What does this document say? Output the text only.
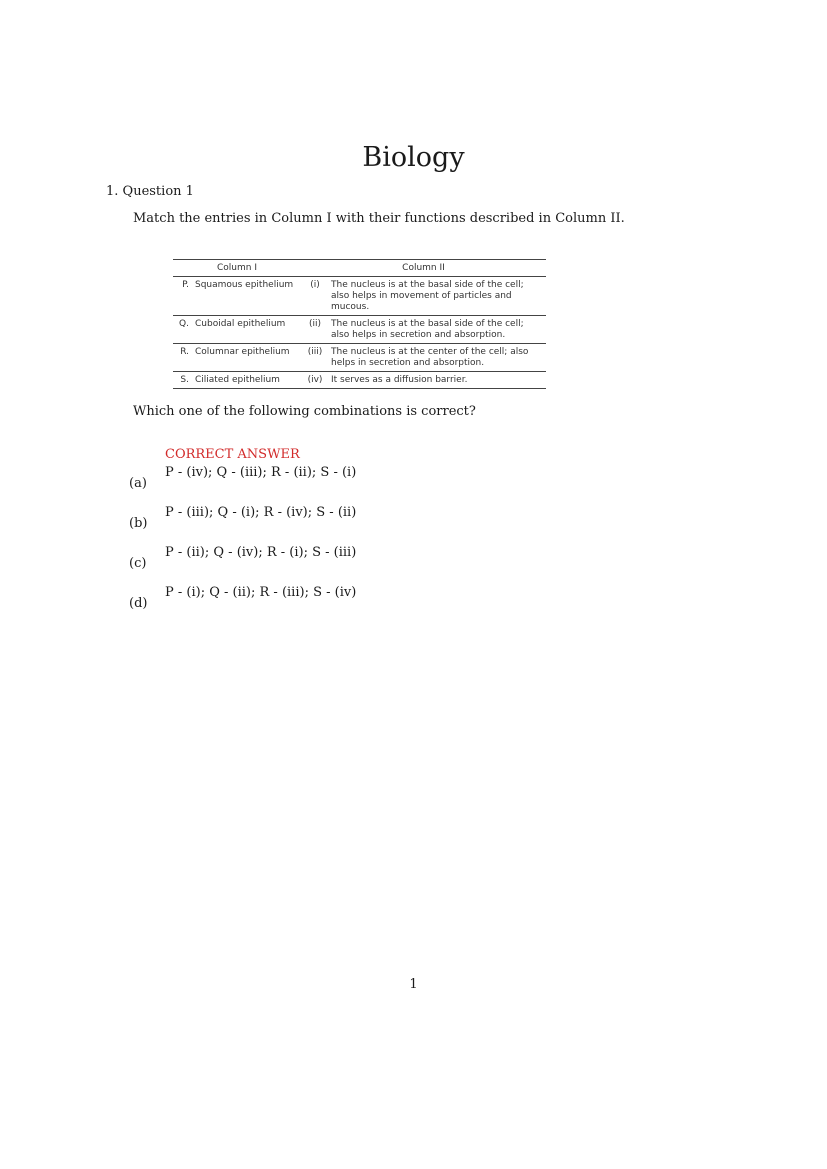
Biology
1. Question 1
Match the entries in Column I with their functions described in Column II.
Column I		Column II	
P.	Squamous epithelium	(i)	The nucleus is at the basal side of the cell; also helps in movement of particles and mucous.
Q.	Cuboidal epithelium	(ii)	The nucleus is at the basal side of the cell; also helps in secretion and absorption.
R.	Columnar epithelium	(iii)	The nucleus is at the center of the cell; also helps in secretion and absorption.
S.	Ciliated epithelium	(iv)	It serves as a diffusion barrier.
Which one of the following combinations is correct?
CORRECT ANSWER
P - (iv); Q - (iii); R - (ii); S - (i)
(a)
P - (iii); Q - (i); R - (iv); S - (ii)
(b)
P - (ii); Q - (iv); R - (i); S - (iii)
(c)
P - (i); Q - (ii); R - (iii); S - (iv)
(d)
1
